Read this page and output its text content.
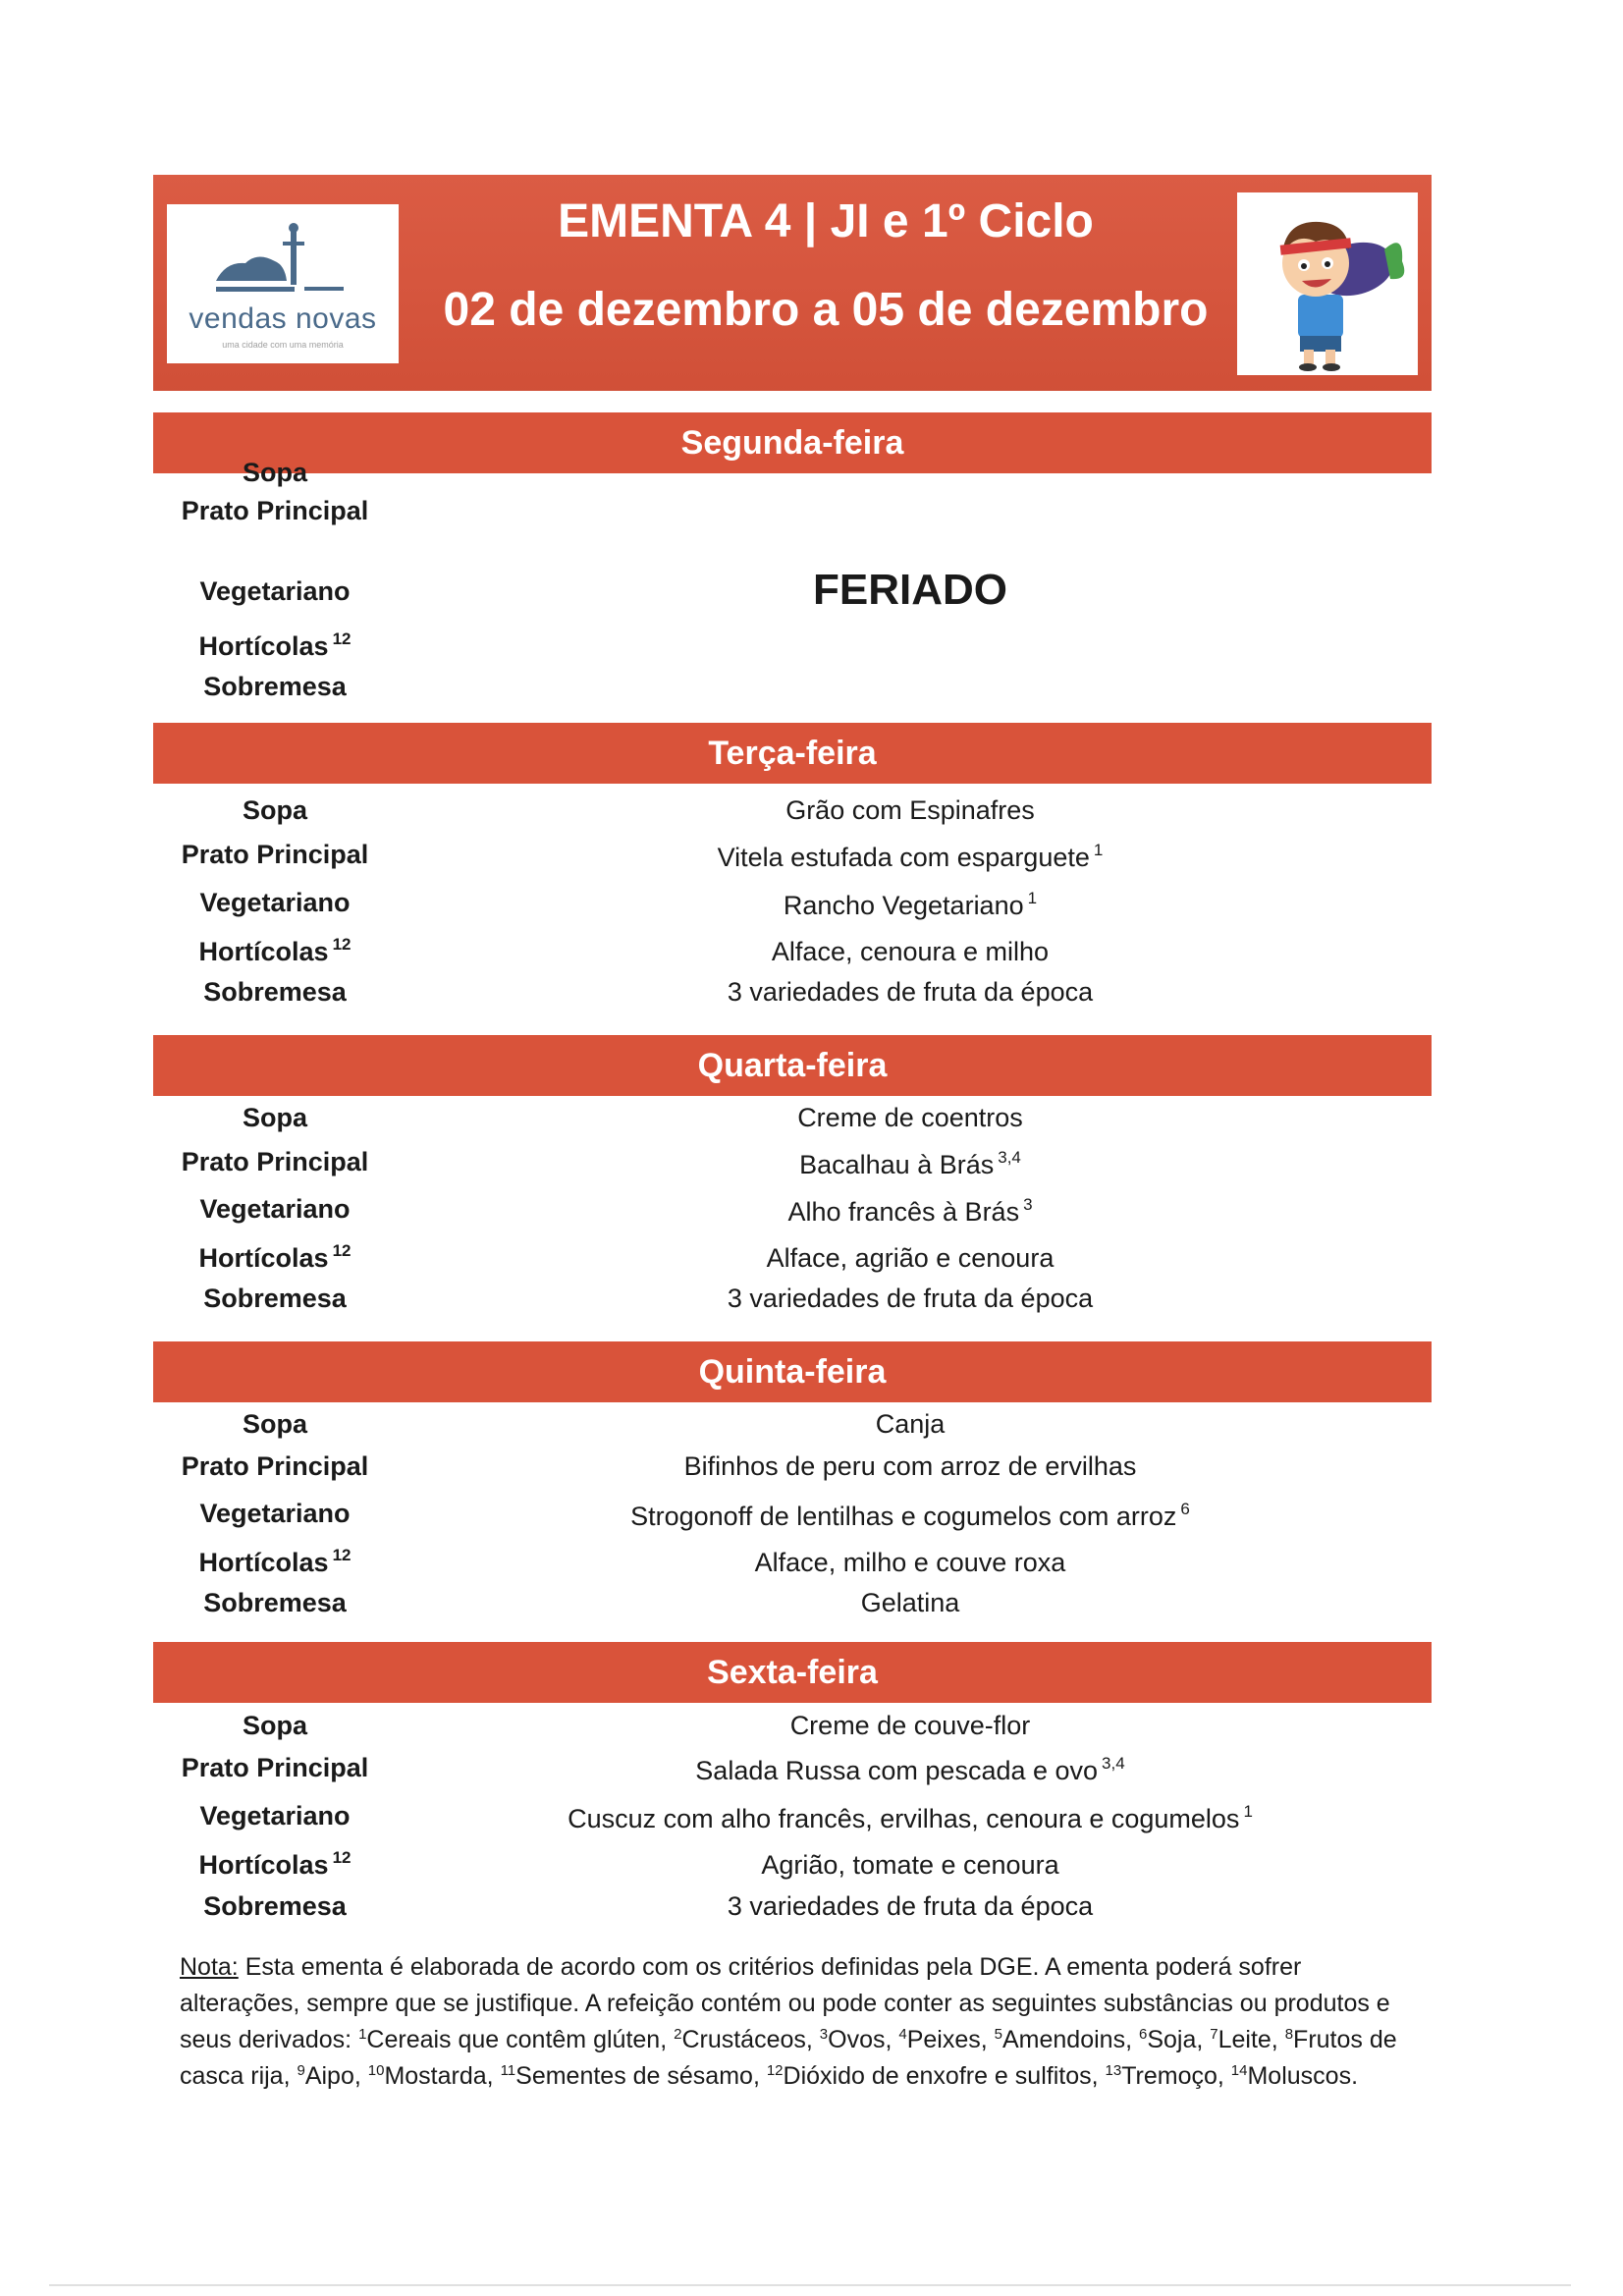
vendas novas
uma cidade com uma memória
EMENTA 4 | JI e 1º Ciclo
02 de dezembro a 05 de dezembro
Segunda-feira
Sopa
Prato Principal
Vegetariano
Hortícolas $^{12}$
Sobremesa
FERIADO
Terça-feira
Sopa
Prato Principal
Vegetariano
Hortícolas $^{12}$
Sobremesa
Grão com Espinafres
Vitela estufada com esparguete $^1$
Rancho Vegetariano $^1$
Alface, cenoura e milho
3 variedades de fruta da época
Quarta-feira
Sopa
Prato Principal
Vegetariano
Hortícolas $^{12}$
Sobremesa
Creme de coentros
Bacalhau à Brás $^{3,4}$
Alho francês à Brás $^3$
Alface, agrião e cenoura
3 variedades de fruta da época
Quinta-feira
Sopa
Prato Principal
Vegetariano
Hortícolas $^{12}$
Sobremesa
Canja
Bifinhos de peru com arroz de ervilhas
Strogonoff de lentilhas e cogumelos com arroz $^6$
Alface, milho e couve roxa
Gelatina
Sexta-feira
Sopa
Prato Principal
Vegetariano
Hortícolas $^{12}$
Sobremesa
Creme de couve-flor
Salada Russa com pescada e ovo $^{3,4}$
Cuscuz com alho francês, ervilhas, cenoura e cogumelos $^1$
Agrião, tomate e cenoura
3 variedades de fruta da época
Nota: Esta ementa é elaborada de acordo com os critérios definidas pela DGE. A ementa poderá sofrer alterações, sempre que se justifique. A refeição contém ou pode conter as seguintes substâncias ou produtos e seus derivados: $^1$Cereais que contêm glúten, $^2$Crustáceos, $^3$Ovos, $^4$Peixes, $^5$Amendoins, $^6$Soja, $^7$Leite, $^8$Frutos de casca rija, $^9$Aipo, $^{10}$Mostarda, $^{11}$Sementes de sésamo, $^{12}$Dióxido de enxofre e sulfitos, $^{13}$Tremoço, $^{14}$Moluscos.
